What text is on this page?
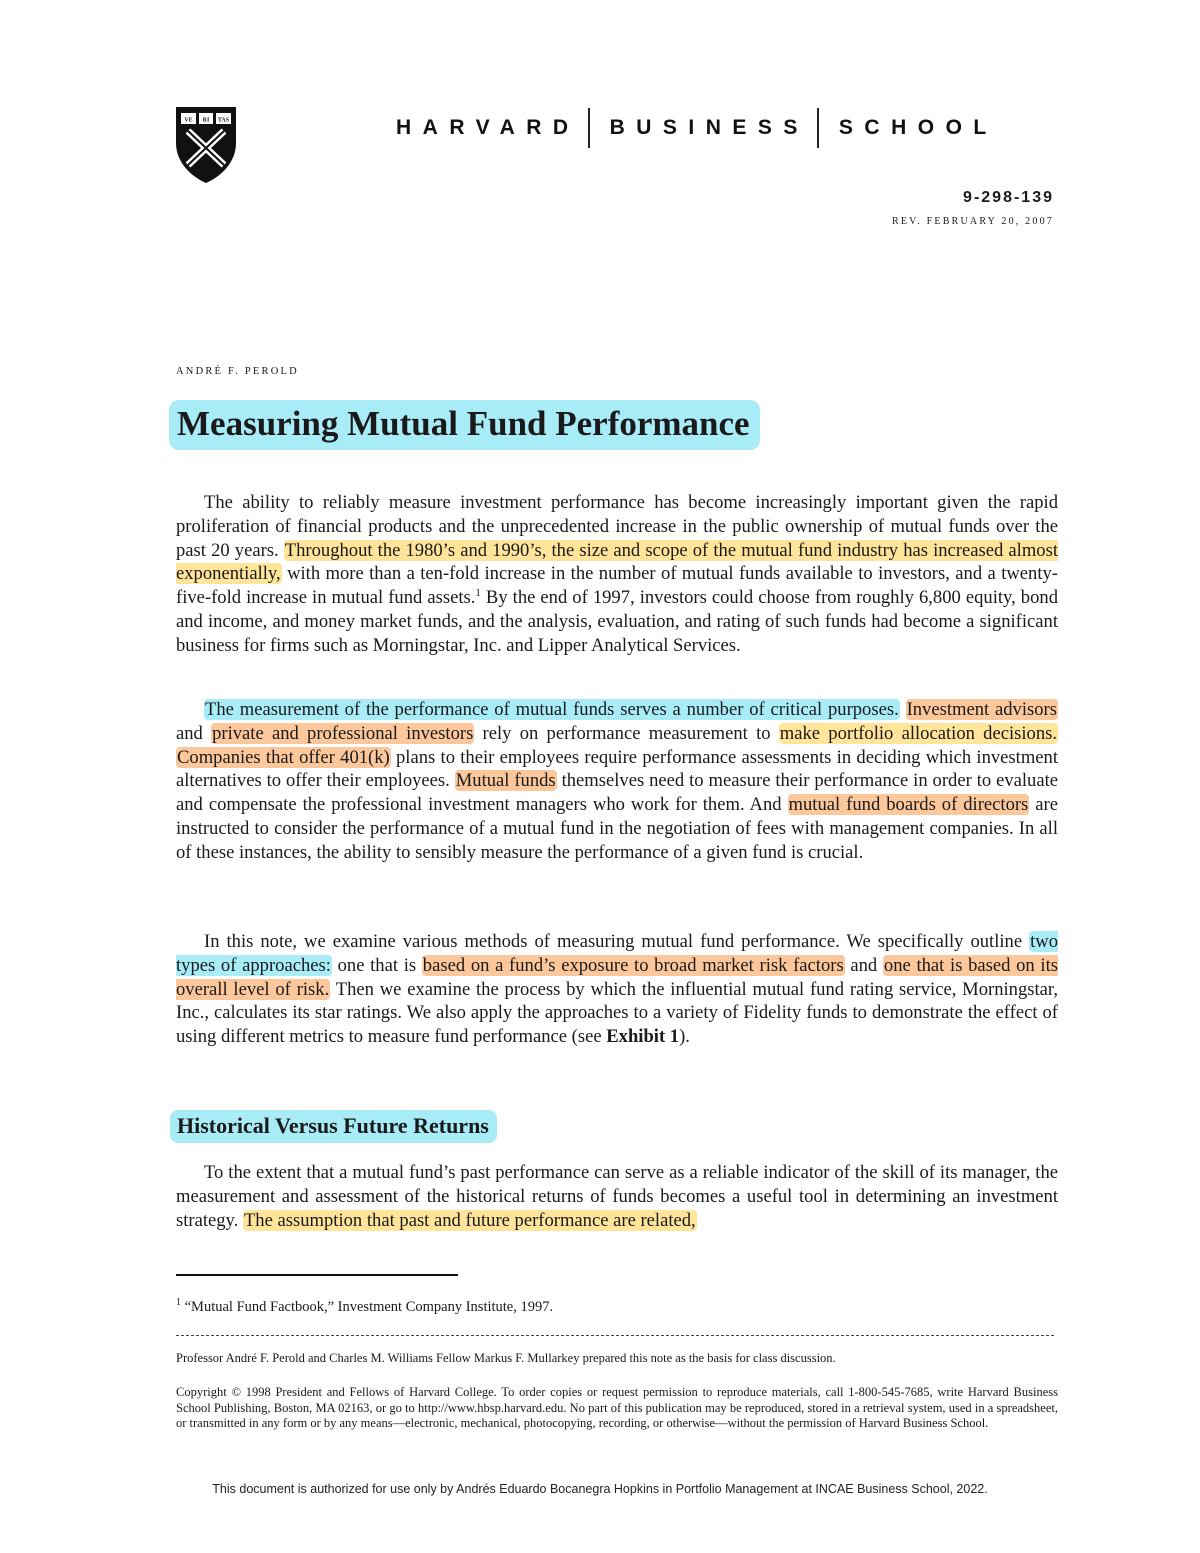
VE RI TAS	HARVARD BUSINESS SCHOOL
9-298-139
REV. FEBRUARY 20, 2007
ANDRÉ F. PEROLD
Measuring Mutual Fund Performance

The ability to reliably measure investment performance has become increasingly important given the rapid proliferation of financial products and the unprecedented increase in the public ownership of mutual funds over the past 20 years. Throughout the 1980’s and 1990’s, the size and scope of the mutual fund industry has increased almost exponentially, with more than a ten-fold increase in the number of mutual funds available to investors, and a twenty-five-fold increase in mutual fund assets.$^1$ By the end of 1997, investors could choose from roughly 6,800 equity, bond and income, and money market funds, and the analysis, evaluation, and rating of such funds had become a significant business for firms such as Morningstar, Inc. and Lipper Analytical Services.

The measurement of the performance of mutual funds serves a number of critical purposes. Investment advisors and private and professional investors rely on performance measurement to make portfolio allocation decisions. Companies that offer 401(k) plans to their employees require performance assessments in deciding which investment alternatives to offer their employees. Mutual funds themselves need to measure their performance in order to evaluate and compensate the professional investment managers who work for them. And mutual fund boards of directors are instructed to consider the performance of a mutual fund in the negotiation of fees with management companies. In all of these instances, the ability to sensibly measure the performance of a given fund is crucial.

In this note, we examine various methods of measuring mutual fund performance. We specifically outline two types of approaches: one that is based on a fund’s exposure to broad market risk factors and one that is based on its overall level of risk. Then we examine the process by which the influential mutual fund rating service, Morningstar, Inc., calculates its star ratings. We also apply the approaches to a variety of Fidelity funds to demonstrate the effect of using different metrics to measure fund performance (see Exhibit 1).

Historical Versus Future Returns

To the extent that a mutual fund’s past performance can serve as a reliable indicator of the skill of its manager, the measurement and assessment of the historical returns of funds becomes a useful tool in determining an investment strategy. The assumption that past and future performance are related,

$^1$ “Mutual Fund Factbook,” Investment Company Institute, 1997.
Professor André F. Perold and Charles M. Williams Fellow Markus F. Mullarkey prepared this note as the basis for class discussion.

Copyright © 1998 President and Fellows of Harvard College. To order copies or request permission to reproduce materials, call 1-800-545-7685, write Harvard Business School Publishing, Boston, MA 02163, or go to http://www.hbsp.harvard.edu. No part of this publication may be reproduced, stored in a retrieval system, used in a spreadsheet, or transmitted in any form or by any means—electronic, mechanical, photocopying, recording, or otherwise—without the permission of Harvard Business School.

This document is authorized for use only by Andrés Eduardo Bocanegra Hopkins in Portfolio Management at INCAE Business School, 2022.
